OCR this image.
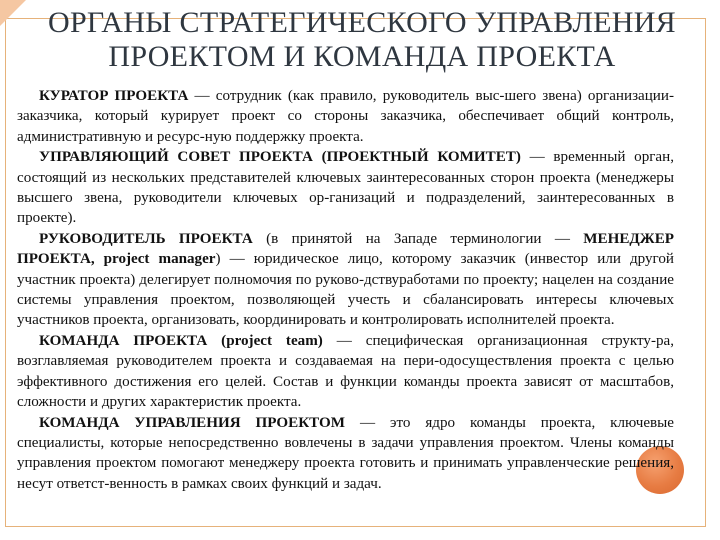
ОРГАНЫ СТРАТЕГИЧЕСКОГО УПРАВЛЕНИЯ
ПРОЕКТОМ И КОМАНДА ПРОЕКТА

КУРАТОР ПРОЕКТА — сотрудник (как правило, руководитель выс-шего звена) организации-заказчика, который курирует проект со стороны заказчика, обеспечивает общий контроль, административную и ресурс-ную поддержку проекта.

УПРАВЛЯЮЩИЙ СОВЕТ ПРОЕКТА (ПРОЕКТНЫЙ КОМИТЕТ) — временный орган, состоящий из нескольких представителей ключевых заинтересованных сторон проекта (менеджеры высшего звена, руководители ключевых ор-ганизаций и подразделений, заинтересованных в проекте).

РУКОВОДИТЕЛЬ ПРОЕКТА (в принятой на Западе терминологии — МЕНЕДЖЕР ПРОЕКТА, project manager) — юридическое лицо, которому заказчик (инвестор или другой участник проекта) делегирует полномочия по руково-дствуработами по проекту; нацелен на создание системы управления проектом, позволяющей учесть и сбалансировать интересы ключевых участников проекта, организовать, координировать и контролировать исполнителей проекта.

КОМАНДА ПРОЕКТА (project team) — специфическая организационная структу-ра, возглавляемая руководителем проекта и создаваемая на пери-одосуществления проекта с целью эффективного достижения его целей. Состав и функции команды проекта зависят от масштабов, сложности и других характеристик проекта.

КОМАНДА УПРАВЛЕНИЯ ПРОЕКТОМ — это ядро команды проекта, ключевые специалисты, которые непосредственно вовлечены в задачи управления проектом. Члены команды управления проектом помогают менеджеру проекта готовить и принимать управленческие решения, несут ответст-венность в рамках своих функций и задач.
